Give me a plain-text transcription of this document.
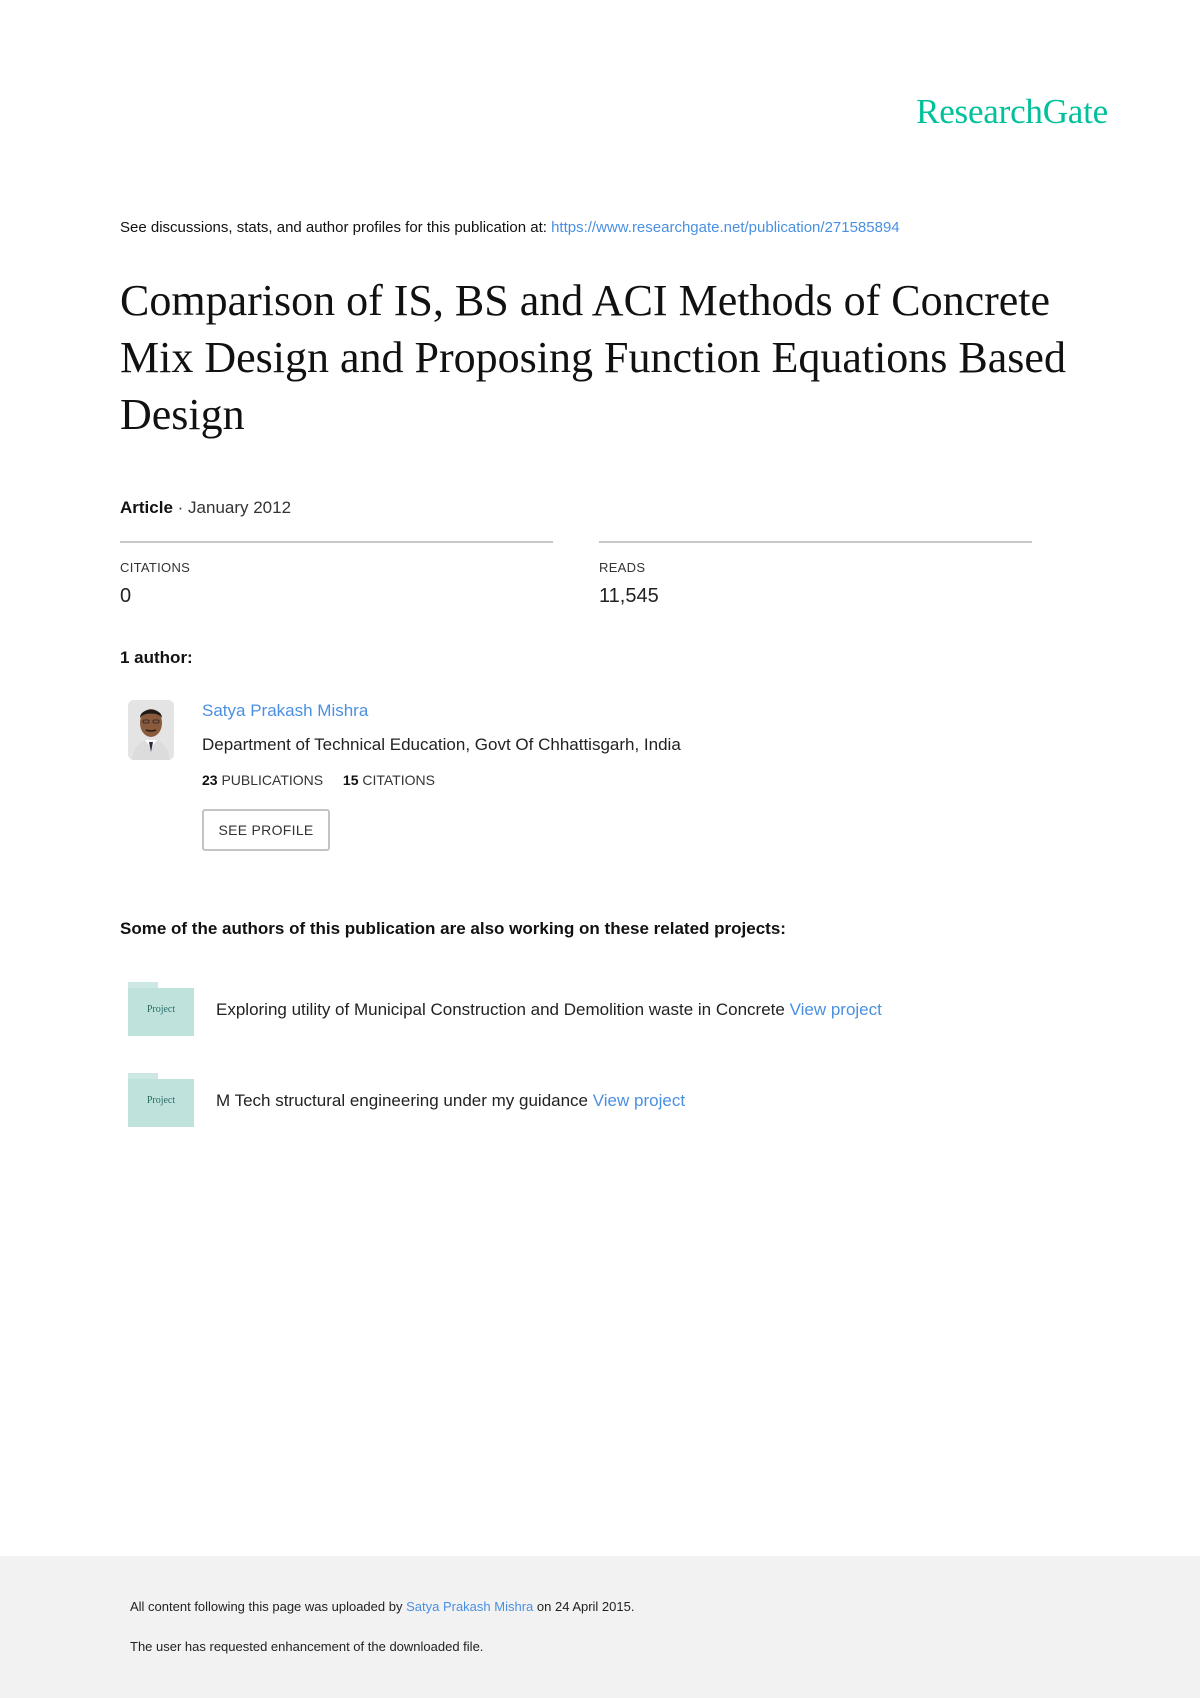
ResearchGate
See discussions, stats, and author profiles for this publication at: https://www.researchgate.net/publication/271585894
Comparison of IS, BS and ACI Methods of Concrete Mix Design and Proposing Function Equations Based Design
Article · January 2012
CITATIONS
0
READS
11,545
1 author:
Satya Prakash Mishra
Department of Technical Education, Govt Of Chhattisgarh, India
23 PUBLICATIONS 15 CITATIONS
SEE PROFILE
Some of the authors of this publication are also working on these related projects:
Project	Exploring utility of Municipal Construction and Demolition waste in Concrete View project
Project	M Tech structural engineering under my guidance View project
All content following this page was uploaded by Satya Prakash Mishra on 24 April 2015.
The user has requested enhancement of the downloaded file.
